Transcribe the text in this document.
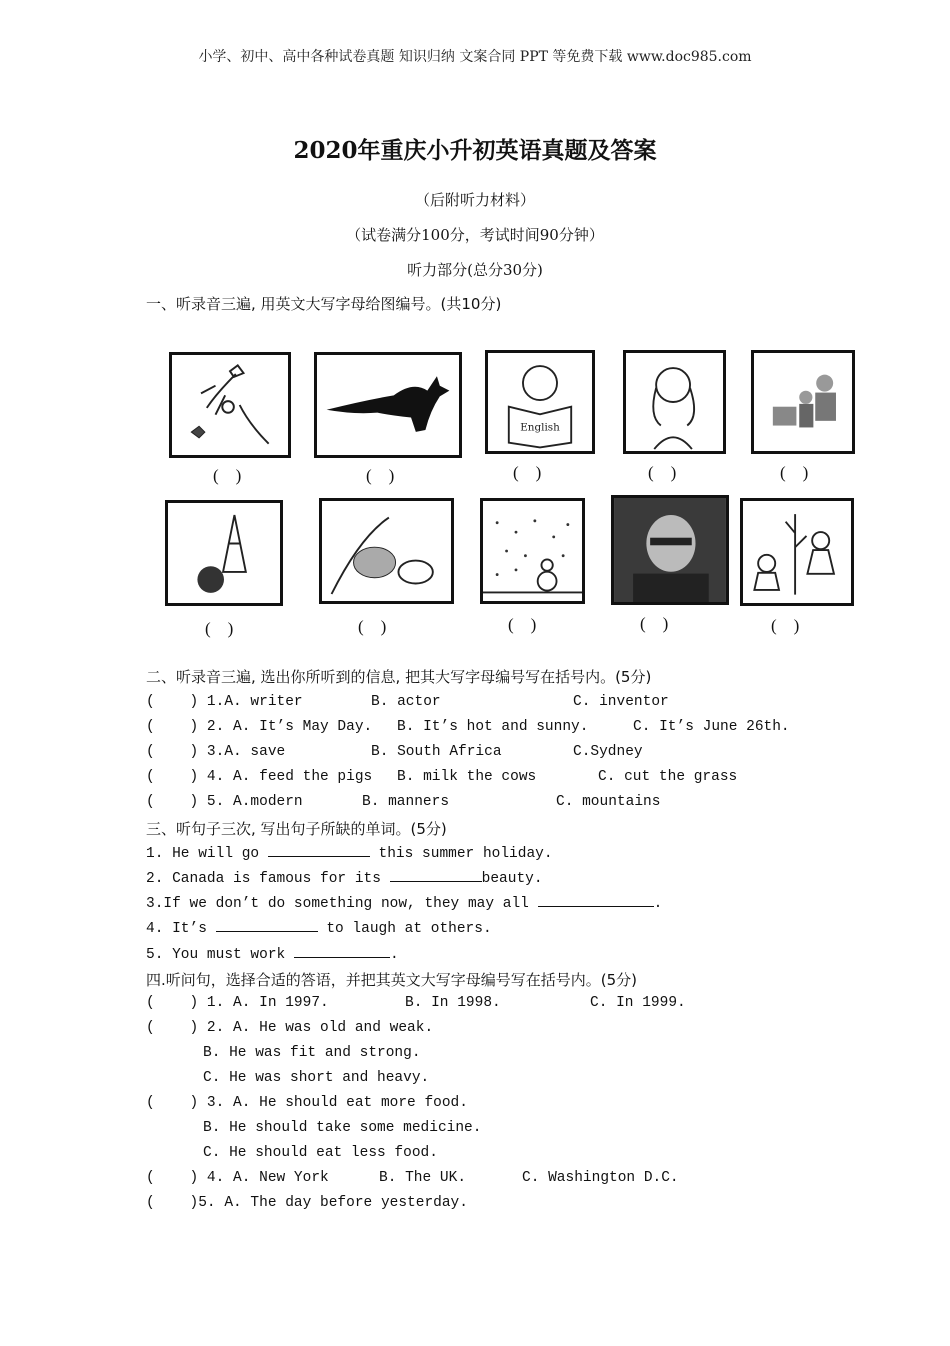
小学、初中、高中各种试卷真题 知识归纳 文案合同 PPT 等免费下载 www.doc985.com
2020年重庆小升初英语真题及答案
（后附听力材料）
（试卷满分100分，考试时间90分钟）
听力部分(总分30分)
一、听录音三遍, 用英文大写字母给图编号。(共10分)
(    )	(    )
English
(    )	(    )	(    )
(    )	(    )	(    )	(    )	(    )
二、听录音三遍, 选出你所听到的信息, 把其大写字母编号写在括号内。(5分)
(    ) 1.A. writer	B. actor	C. inventor
(    ) 2. A. It’s May Day. B. It’s hot and sunny.	C. It’s June 26th.
(    ) 3.A. save	B. South Africa	C.Sydney
(    ) 4. A. feed the pigs B. milk the cows	C. cut the grass
(    ) 5. A.modern	B. manners	C. mountains
三、听句子三次, 写出句子所缺的单词。(5分)
1. He will go	this summer holiday.
2. Canada is famous for its	beauty.
3.If we don’t do something now, they may all	.
4. It’s	to laugh at others.
5. You must work	.
四.听问句，选择合适的答语，并把其英文大写字母编号写在括号内。(5分)
(    ) 1. A. In 1997.	B. In 1998.	C. In 1999.
(    ) 2. A. He was old and weak.
B. He was fit and strong.
C. He was short and heavy.
(    ) 3. A. He should eat more food.
B. He should take some medicine.
C. He should eat less food.
(    ) 4. A. New York	B. The UK.	C. Washington D.C.
(    )5. A. The day before yesterday.
